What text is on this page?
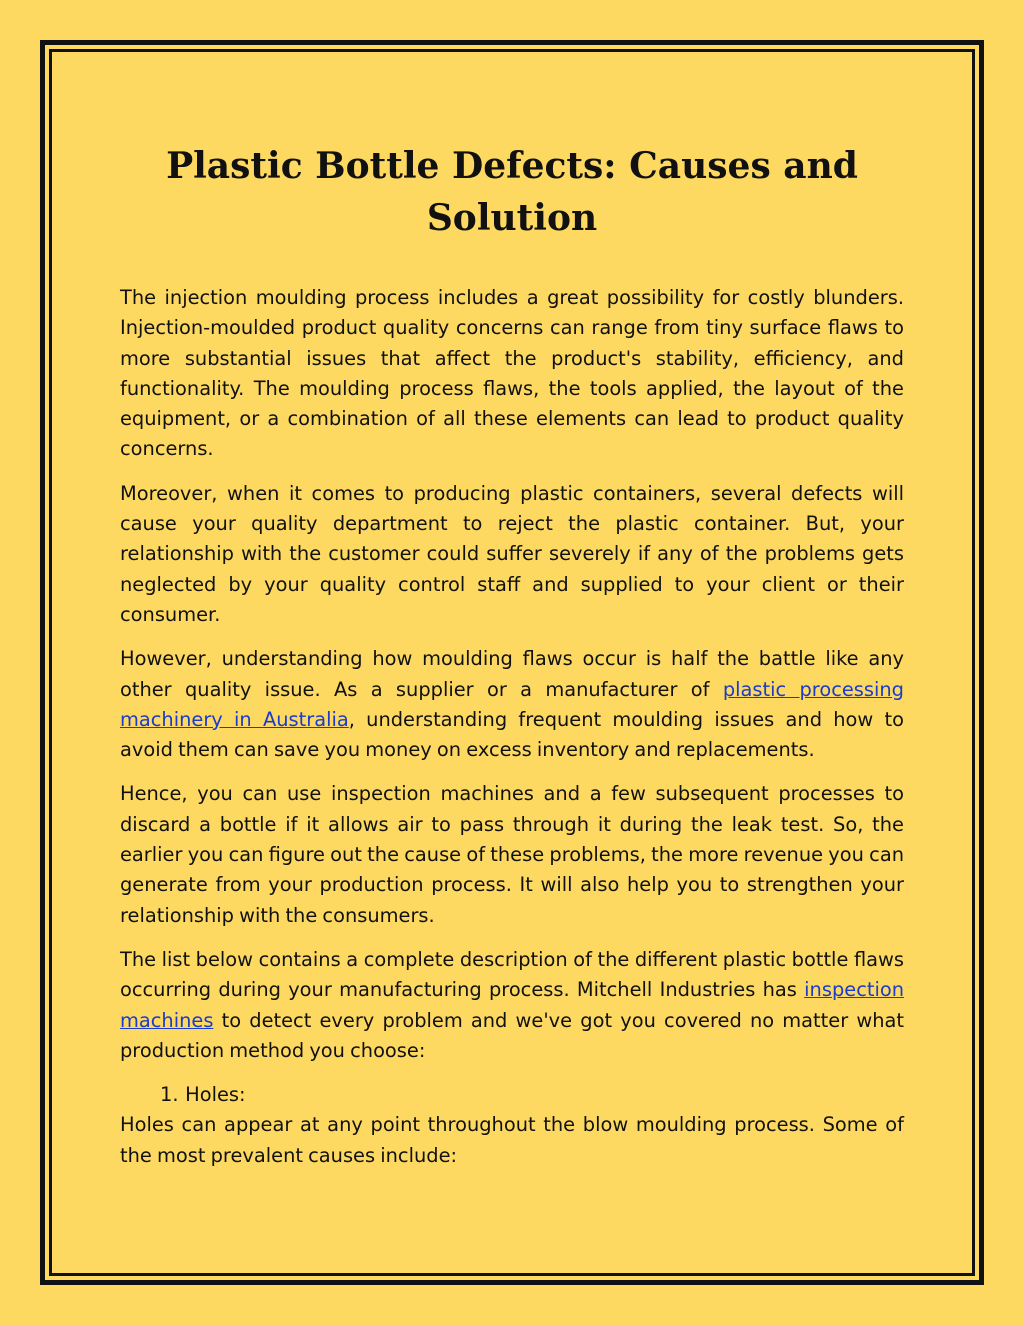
Plastic Bottle Defects: Causes and Solution

The injection moulding process includes a great possibility for costly blunders. Injection-moulded product quality concerns can range from tiny surface flaws to more substantial issues that affect the product's stability, efficiency, and functionality. The moulding process flaws, the tools applied, the layout of the equipment, or a combination of all these elements can lead to product quality concerns.

Moreover, when it comes to producing plastic containers, several defects will cause your quality department to reject the plastic container. But, your relationship with the customer could suffer severely if any of the problems gets neglected by your quality control staff and supplied to your client or their consumer.

However, understanding how moulding flaws occur is half the battle like any other quality issue. As a supplier or a manufacturer of plastic processing machinery in Australia, understanding frequent moulding issues and how to avoid them can save you money on excess inventory and replacements.

Hence, you can use inspection machines and a few subsequent processes to discard a bottle if it allows air to pass through it during the leak test. So, the earlier you can figure out the cause of these problems, the more revenue you can generate from your production process. It will also help you to strengthen your relationship with the consumers.

The list below contains a complete description of the different plastic bottle flaws occurring during your manufacturing process. Mitchell Industries has inspection machines to detect every problem and we've got you covered no matter what production method you choose:

1. Holes:

Holes can appear at any point throughout the blow moulding process. Some of the most prevalent causes include:
